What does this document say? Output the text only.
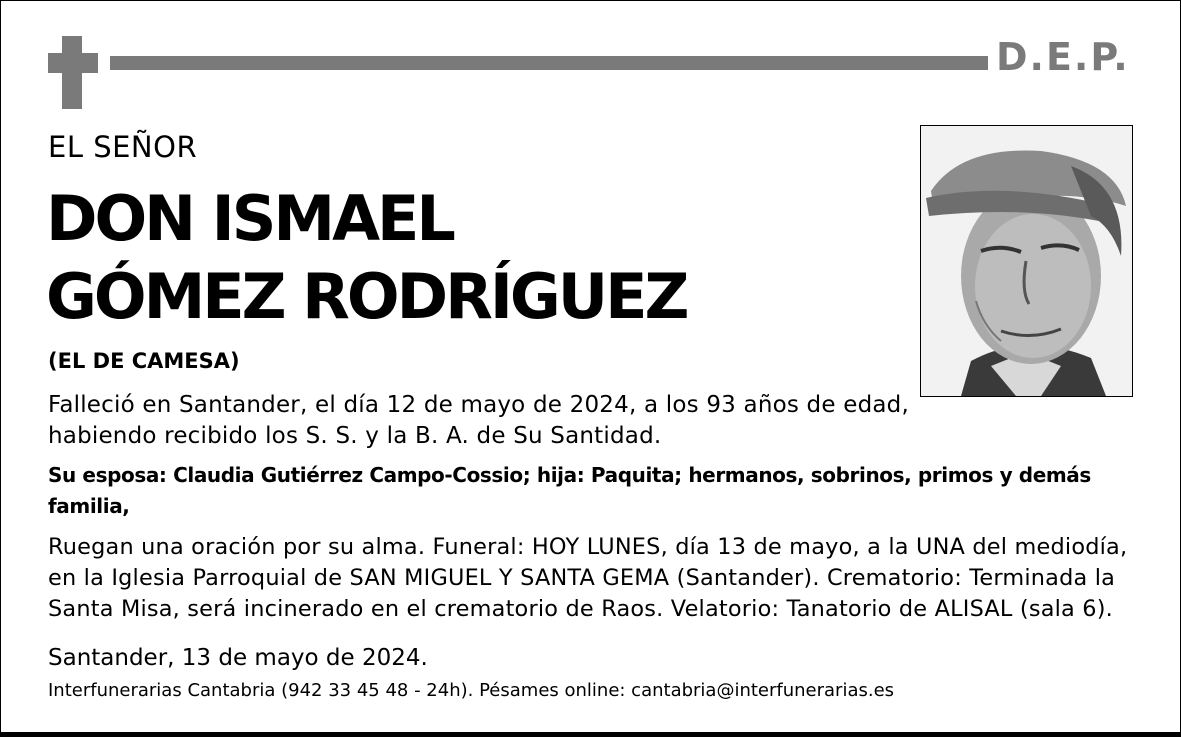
D.E.P.
EL SEÑOR
DON ISMAEL
GÓMEZ RODRÍGUEZ
(EL DE CAMESA)
Falleció en Santander, el día 12 de mayo de 2024, a los 93 años de edad,
habiendo recibido los S. S. y la B. A. de Su Santidad.
Su esposa: Claudia Gutiérrez Campo-Cossio; hija: Paquita; hermanos, sobrinos, primos y demás familia,
Ruegan una oración por su alma. Funeral: HOY LUNES, día 13 de mayo, a la UNA del mediodía,
en la Iglesia Parroquial de SAN MIGUEL Y SANTA GEMA (Santander). Crematorio: Terminada la
Santa Misa, será incinerado en el crematorio de Raos. Velatorio: Tanatorio de ALISAL (sala 6).
Santander, 13 de mayo de 2024.
Interfunerarias Cantabria (942 33 45 48 - 24h). Pésames online: cantabria@interfunerarias.es
